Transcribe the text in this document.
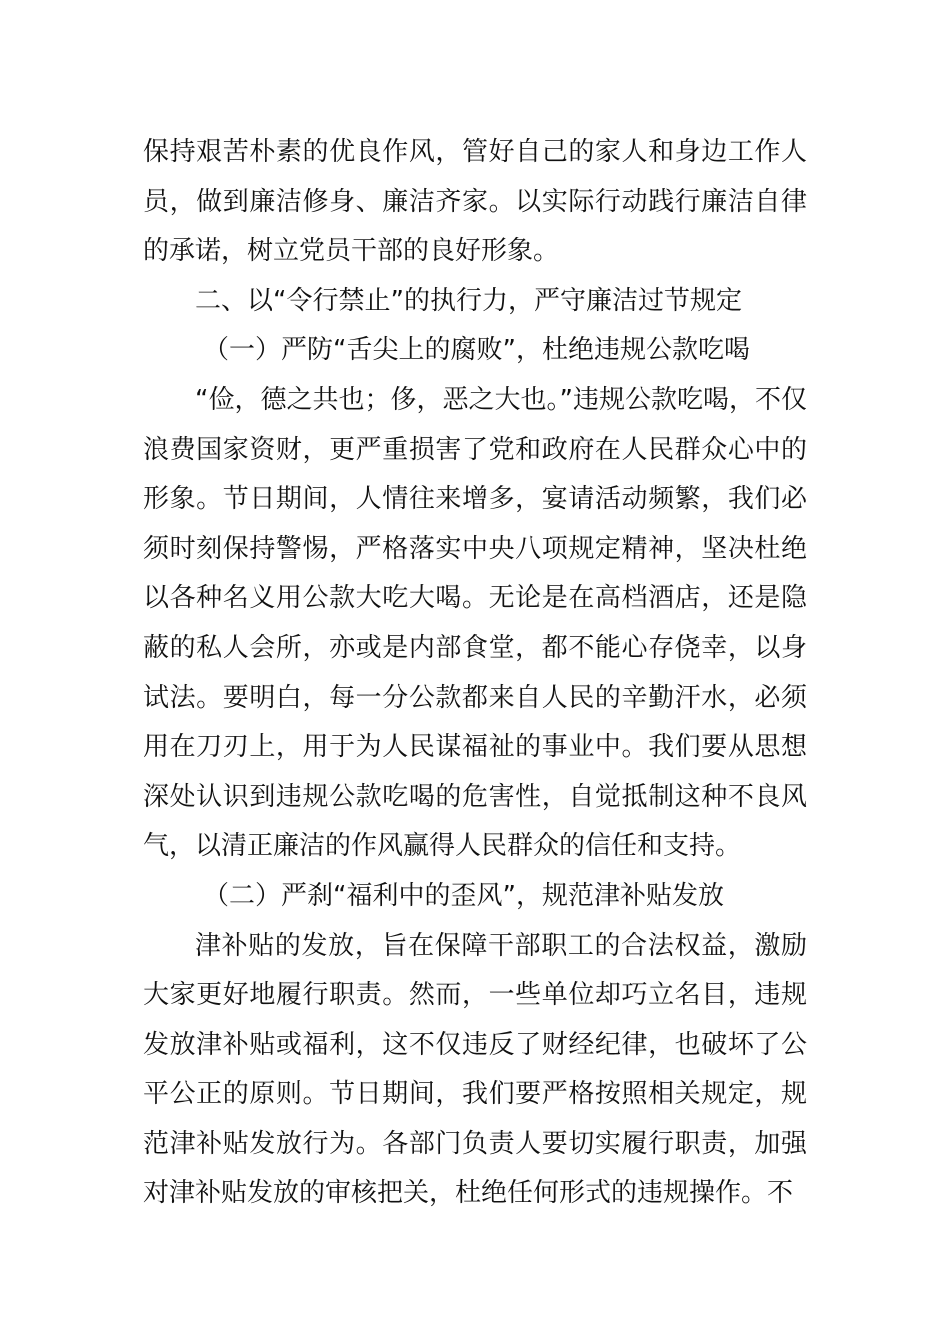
保持艰苦朴素的优良作风，管好自己的家人和身边工作人员，做到廉洁修身、廉洁齐家。以实际行动践行廉洁自律的承诺，树立党员干部的良好形象。

二、以“令行禁止”的执行力，严守廉洁过节规定

（一）严防“舌尖上的腐败”，杜绝违规公款吃喝

“俭，德之共也；侈，恶之大也。”违规公款吃喝，不仅浪费国家资财，更严重损害了党和政府在人民群众心中的形象。节日期间，人情往来增多，宴请活动频繁，我们必须时刻保持警惕，严格落实中央八项规定精神，坚决杜绝以各种名义用公款大吃大喝。无论是在高档酒店，还是隐蔽的私人会所，亦或是内部食堂，都不能心存侥幸，以身试法。要明白，每一分公款都来自人民的辛勤汗水，必须用在刀刃上，用于为人民谋福祉的事业中。我们要从思想深处认识到违规公款吃喝的危害性，自觉抵制这种不良风气，以清正廉洁的作风赢得人民群众的信任和支持。

（二）严刹“福利中的歪风”，规范津补贴发放

津补贴的发放，旨在保障干部职工的合法权益，激励大家更好地履行职责。然而，一些单位却巧立名目，违规发放津补贴或福利，这不仅违反了财经纪律，也破坏了公平公正的原则。节日期间，我们要严格按照相关规定，规范津补贴发放行为。各部门负责人要切实履行职责，加强对津补贴发放的审核把关，杜绝任何形式的违规操作。不
